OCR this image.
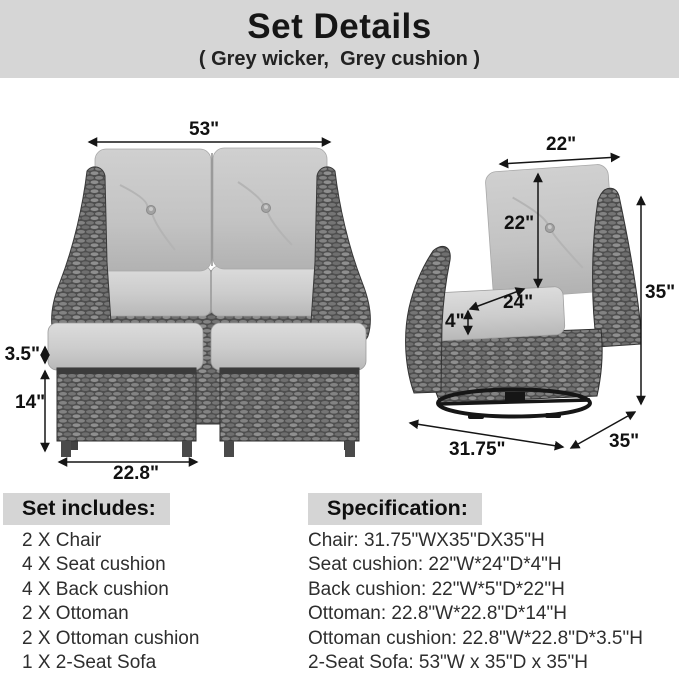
Set Details
( Grey wicker,  Grey cushion )
53"
3.5"
14"
22.8"
22"
22"
24"
4"
35"
31.75"	35"
Set includes:
2 X Chair
4 X Seat cushion
4 X Back cushion
2 X Ottoman
2 X Ottoman cushion
1 X 2-Seat Sofa
Specification:
Chair: 31.75"WX35"DX35"H
Seat cushion: 22"W*24"D*4"H
Back cushion: 22"W*5"D*22"H
Ottoman: 22.8"W*22.8"D*14"H
Ottoman cushion: 22.8"W*22.8"D*3.5"H
2-Seat Sofa: 53"W x 35"D x 35"H
